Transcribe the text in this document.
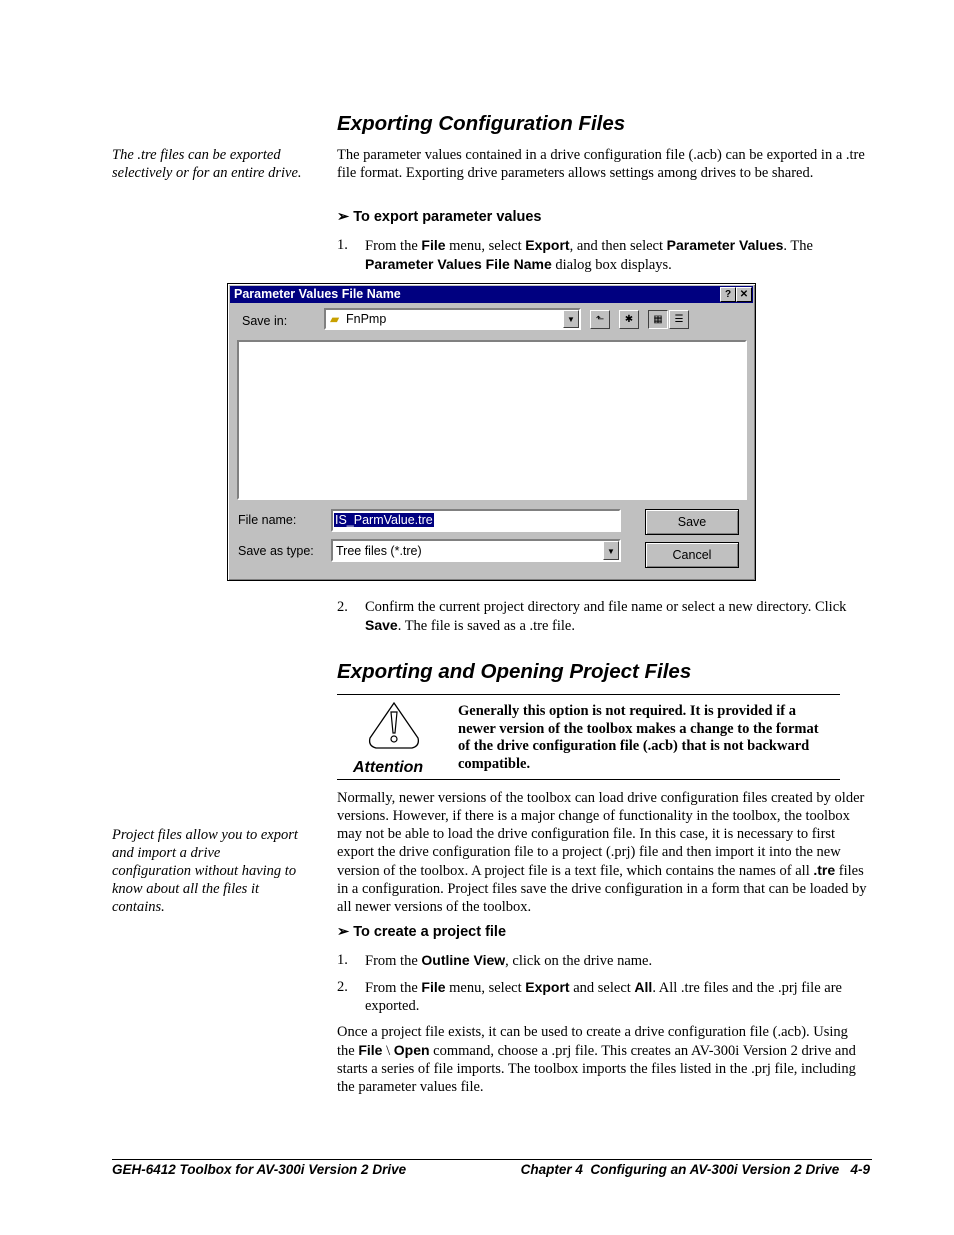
Exporting Configuration Files
The .tre files can be exported selectively or for an entire drive.
The parameter values contained in a drive configuration file (.acb) can be exported in a .tre file format. Exporting drive parameters allows settings among drives to be shared.
➢ To export parameter values
1.	From the File menu, select Export, and then select Parameter Values. The Parameter Values File Name dialog box displays.
Parameter Values File Name	? ✕
Save in:	▰ FnPmp	▼	⬑	✱	▦	☰
File name:	IS_ParmValue.tre
Save as type: Tree files (*.tre)	▼
Save
Cancel
2.	Confirm the current project directory and file name or select a new directory. Click Save. The file is saved as a .tre file.
Exporting and Opening Project Files
Attention
Generally this option is not required. It is provided if a newer version of the toolbox makes a change to the format of the drive configuration file (.acb) that is not backward compatible.
Project files allow you to export and import a drive configuration without having to know about all the files it contains.
Normally, newer versions of the toolbox can load drive configuration files created by older versions. However, if there is a major change of functionality in the toolbox, the toolbox may not be able to load the drive configuration file. In this case, it is necessary to first export the drive configuration file to a project (.prj) file and then import it into the new version of the toolbox. A project file is a text file, which contains the names of all .tre files in a configuration. Project files save the drive configuration in a form that can be loaded by all newer versions of the toolbox.
➢ To create a project file
1.	From the Outline View, click on the drive name.
2.	From the File menu, select Export and select All. All .tre files and the .prj file are exported.
Once a project file exists, it can be used to create a drive configuration file (.acb). Using the File \ Open command, choose a .prj file. This creates an AV-300i Version 2 drive and starts a series of file imports. The toolbox imports the files listed in the .prj file, including the parameter values file.
GEH-6412 Toolbox for AV-300i Version 2 Drive	Chapter 4  Configuring an AV-300i Version 2 Drive   4-9
